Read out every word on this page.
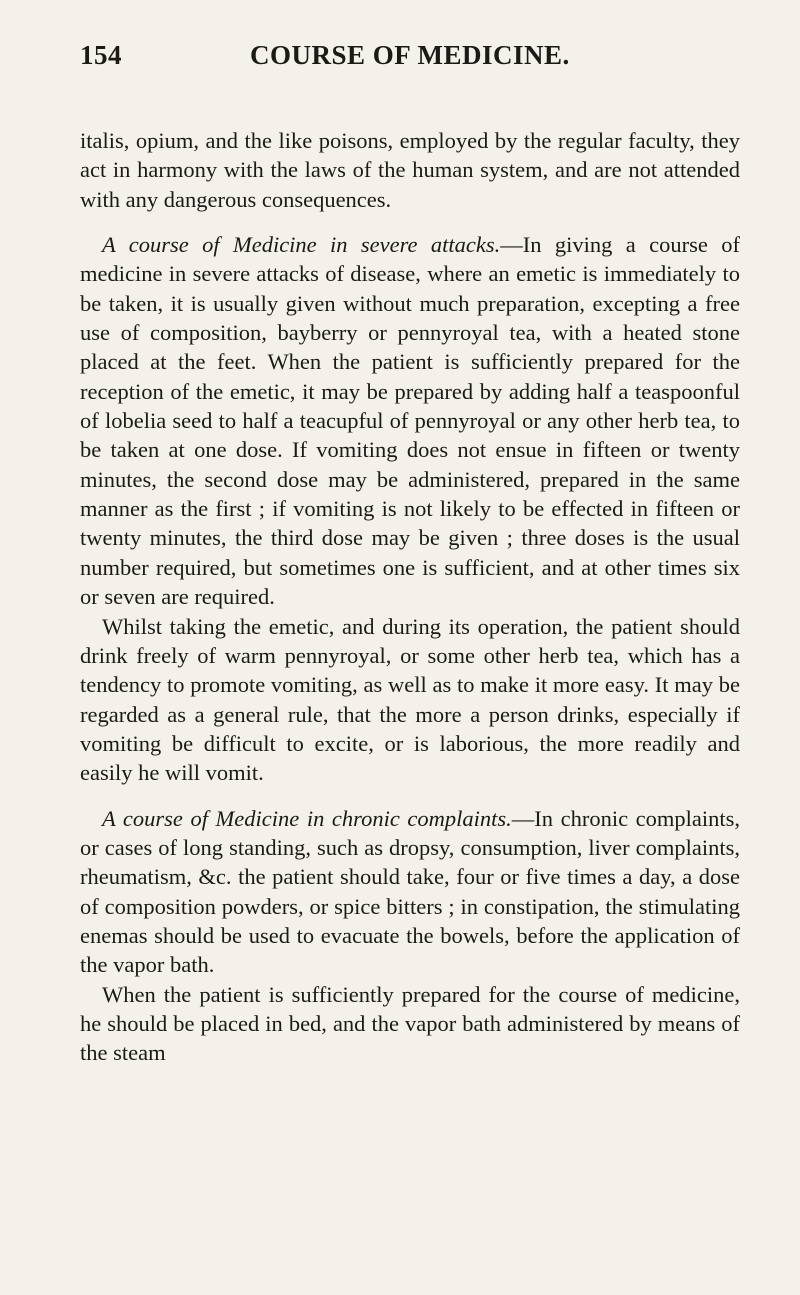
154	COURSE OF MEDICINE.

italis, opium, and the like poisons, employed by the regular faculty, they act in harmony with the laws of the human system, and are not attended with any dangerous consequences.

A course of Medicine in severe attacks.—In giving a course of medicine in severe attacks of disease, where an emetic is immediately to be taken, it is usually given without much preparation, excepting a free use of composition, bayberry or pennyroyal tea, with a heated stone placed at the feet. When the patient is sufficiently prepared for the reception of the emetic, it may be prepared by adding half a teaspoonful of lobelia seed to half a teacupful of pennyroyal or any other herb tea, to be taken at one dose. If vomiting does not ensue in fifteen or twenty minutes, the second dose may be administered, prepared in the same manner as the first ; if vomiting is not likely to be effected in fifteen or twenty minutes, the third dose may be given ; three doses is the usual number required, but sometimes one is sufficient, and at other times six or seven are required.

Whilst taking the emetic, and during its operation, the patient should drink freely of warm pennyroyal, or some other herb tea, which has a tendency to promote vomiting, as well as to make it more easy. It may be regarded as a general rule, that the more a person drinks, especially if vomiting be difficult to excite, or is laborious, the more readily and easily he will vomit.

A course of Medicine in chronic complaints.—In chronic complaints, or cases of long standing, such as dropsy, consumption, liver complaints, rheumatism, &c. the patient should take, four or five times a day, a dose of composition powders, or spice bitters ; in constipation, the stimulating enemas should be used to evacuate the bowels, before the application of the vapor bath.

When the patient is sufficiently prepared for the course of medicine, he should be placed in bed, and the vapor bath administered by means of the steam
